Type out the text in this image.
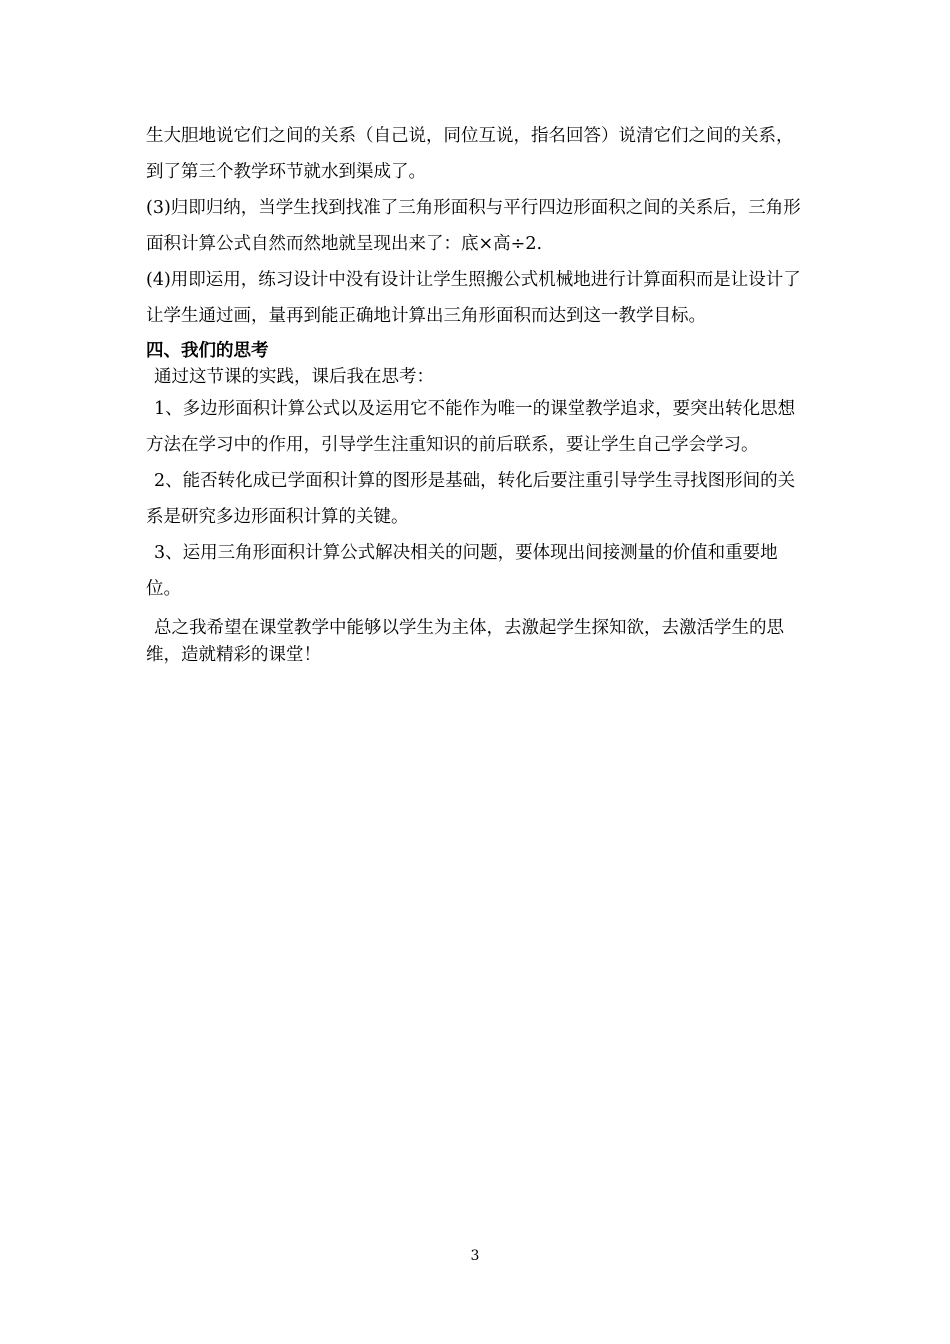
生大胆地说它们之间的关系（自己说，同位互说，指名回答）说清它们之间的关系，到了第三个教学环节就水到渠成了。

(3)归即归纳，当学生找到找准了三角形面积与平行四边形面积之间的关系后，三角形面积计算公式自然而然地就呈现出来了：底×高÷2.

(4)用即运用，练习设计中没有设计让学生照搬公式机械地进行计算面积而是让设计了让学生通过画，量再到能正确地计算出三角形面积而达到这一教学目标。

四、我们的思考

通过这节课的实践，课后我在思考：

1、多边形面积计算公式以及运用它不能作为唯一的课堂教学追求，要突出转化思想方法在学习中的作用，引导学生注重知识的前后联系，要让学生自己学会学习。

2、能否转化成已学面积计算的图形是基础，转化后要注重引导学生寻找图形间的关系是研究多边形面积计算的关键。

3、运用三角形面积计算公式解决相关的问题，要体现出间接测量的价值和重要地位。

总之我希望在课堂教学中能够以学生为主体，去激起学生探知欲，去激活学生的思维，造就精彩的课堂！

3
